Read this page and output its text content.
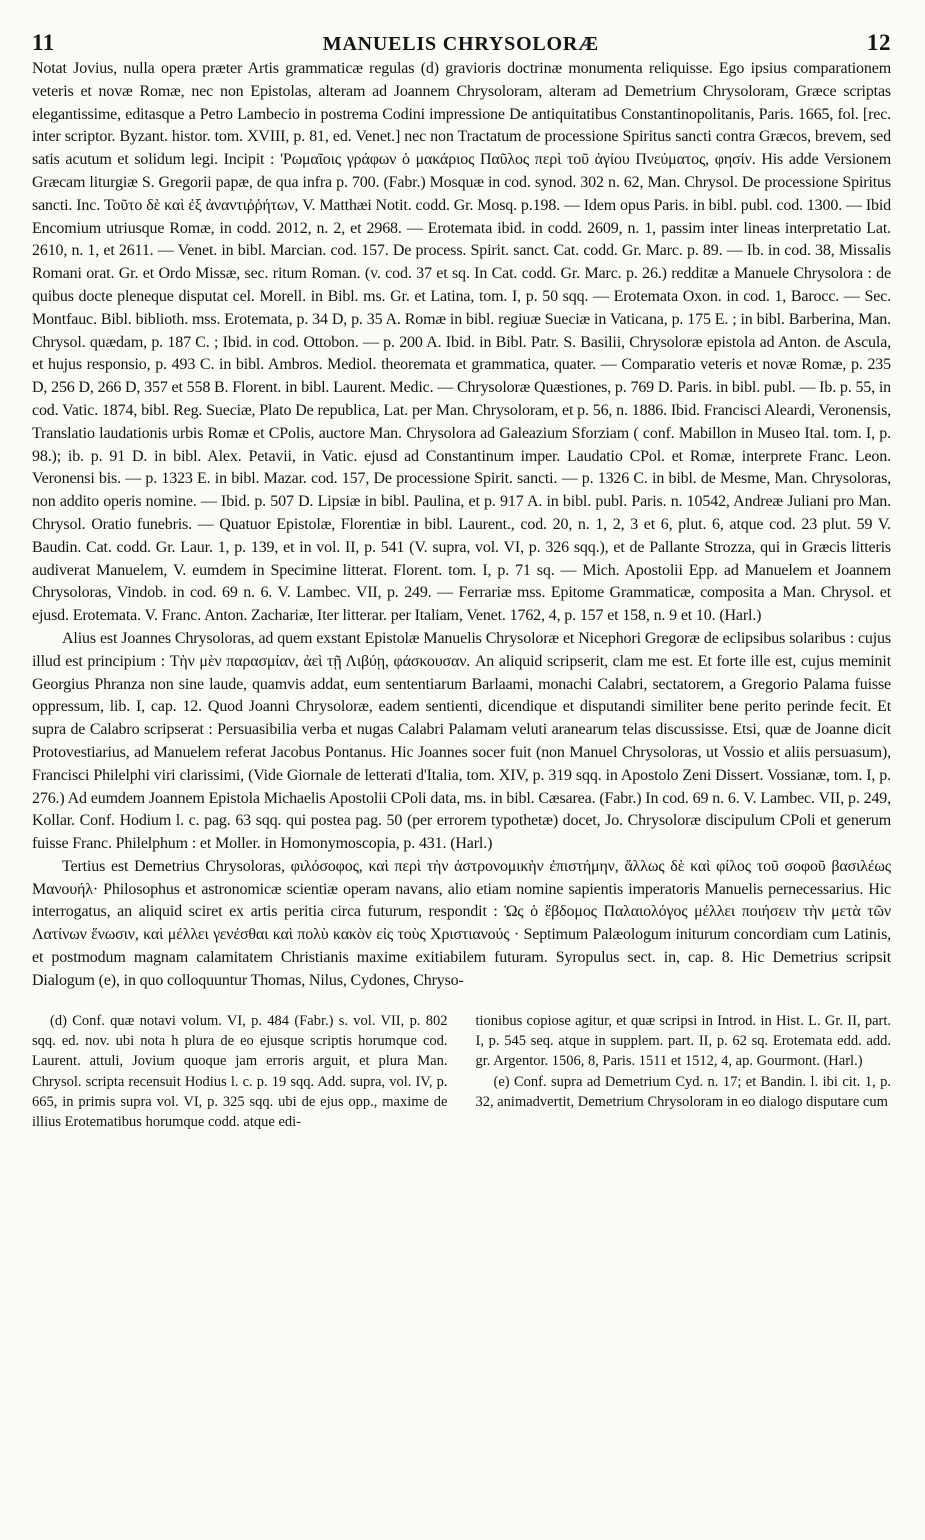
11	MANUELIS CHRYSOLORÆ	12

Notat Jovius, nulla opera præter Artis grammaticæ regulas (d) gravioris doctrinæ monumenta reliquisse. Ego ipsius comparationem veteris et novæ Romæ, nec non Epistolas, alteram ad Joannem Chrysoloram, alteram ad Demetrium Chrysoloram, Græce scriptas elegantissime, editasque a Petro Lambecio in postrema Codini impressione De antiquitatibus Constantinopolitanis, Paris. 1665, fol. [rec. inter scriptor. Byzant. histor. tom. XVIII, p. 81, ed. Venet.] nec non Tractatum de processione Spiritus sancti contra Græcos, brevem, sed satis acutum et solidum legi. Incipit : 'Ρωμαῖοις γράφων ὁ μακάριος Παῦλος περὶ τοῦ ἁγίου Πνεύματος, φησίν. His adde Versionem Græcam liturgiæ S. Gregorii papæ, de qua infra p. 700. (Fabr.) Mosquæ in cod. synod. 302 n. 62, Man. Chrysol. De processione Spiritus sancti. Inc. Τοῦτο δὲ καὶ ἐξ ἀναντιῤῥήτων, V. Matthæi Notit. codd. Gr. Mosq. p.198. — Idem opus Paris. in bibl. publ. cod. 1300. — Ibid Encomium utriusque Romæ, in codd. 2012, n. 2, et 2968. — Erotemata ibid. in codd. 2609, n. 1, passim inter lineas interpretatio Lat. 2610, n. 1, et 2611. — Venet. in bibl. Marcian. cod. 157. De process. Spirit. sanct. Cat. codd. Gr. Marc. p. 89. — Ib. in cod. 38, Missalis Romani orat. Gr. et Ordo Missæ, sec. ritum Roman. (v. cod. 37 et sq. In Cat. codd. Gr. Marc. p. 26.) redditæ a Manuele Chrysolora : de quibus docte pleneque disputat cel. Morell. in Bibl. ms. Gr. et Latina, tom. I, p. 50 sqq. — Erotemata Oxon. in cod. 1, Barocc. — Sec. Montfauc. Bibl. biblioth. mss. Erotemata, p. 34 D, p. 35 A. Romæ in bibl. regiuæ Sueciæ in Vaticana, p. 175 E. ; in bibl. Barberina, Man. Chrysol. quædam, p. 187 C. ; Ibid. in cod. Ottobon. — p. 200 A. Ibid. in Bibl. Patr. S. Basilii, Chrysoloræ epistola ad Anton. de Ascula, et hujus responsio, p. 493 C. in bibl. Ambros. Mediol. theoremata et grammatica, quater. — Comparatio veteris et novæ Romæ, p. 235 D, 256 D, 266 D, 357 et 558 B. Florent. in bibl. Laurent. Medic. — Chrysoloræ Quæstiones, p. 769 D. Paris. in bibl. publ. — Ib. p. 55, in cod. Vatic. 1874, bibl. Reg. Sueciæ, Plato De republica, Lat. per Man. Chrysoloram, et p. 56, n. 1886. Ibid. Francisci Aleardi, Veronensis, Translatio laudationis urbis Romæ et CPolis, auctore Man. Chrysolora ad Galeazium Sforziam ( conf. Mabillon in Museo Ital. tom. I, p. 98.); ib. p. 91 D. in bibl. Alex. Petavii, in Vatic. ejusd ad Constantinum imper. Laudatio CPol. et Romæ, interprete Franc. Leon. Veronensi bis. — p. 1323 E. in bibl. Mazar. cod. 157, De processione Spirit. sancti. — p. 1326 C. in bibl. de Mesme, Man. Chrysoloras, non addito operis nomine. — Ibid. p. 507 D. Lipsiæ in bibl. Paulina, et p. 917 A. in bibl. publ. Paris. n. 10542, Andreæ Juliani pro Man. Chrysol. Oratio funebris. — Quatuor Epistolæ, Florentiæ in bibl. Laurent., cod. 20, n. 1, 2, 3 et 6, plut. 6, atque cod. 23 plut. 59 V. Baudin. Cat. codd. Gr. Laur. 1, p. 139, et in vol. II, p. 541 (V. supra, vol. VI, p. 326 sqq.), et de Pallante Strozza, qui in Græcis litteris audiverat Manuelem, V. eumdem in Specimine litterat. Florent. tom. I, p. 71 sq. — Mich. Apostolii Epp. ad Manuelem et Joannem Chrysoloras, Vindob. in cod. 69 n. 6. V. Lambec. VII, p. 249. — Ferrariæ mss. Epitome Grammaticæ, composita a Man. Chrysol. et ejusd. Erotemata. V. Franc. Anton. Zachariæ, Iter litterar. per Italiam, Venet. 1762, 4, p. 157 et 158, n. 9 et 10. (Harl.)

Alius est Joannes Chrysoloras, ad quem exstant Epistolæ Manuelis Chrysoloræ et Nicephori Gregoræ de eclipsibus solaribus : cujus illud est principium : Τὴν μὲν παρασμίαν, ἀεὶ τῇ Λιβύῃ, φάσκουσαν. An aliquid scripserit, clam me est. Et forte ille est, cujus meminit Georgius Phranza non sine laude, quamvis addat, eum sententiarum Barlaami, monachi Calabri, sectatorem, a Gregorio Palama fuisse oppressum, lib. I, cap. 12. Quod Joanni Chrysoloræ, eadem sentienti, dicendique et disputandi similiter bene perito perinde fecit. Et supra de Calabro scripserat : Persuasibilia verba et nugas Calabri Palamam veluti aranearum telas discussisse. Etsi, quæ de Joanne dicit Protovestiarius, ad Manuelem referat Jacobus Pontanus. Hic Joannes socer fuit (non Manuel Chrysoloras, ut Vossio et aliis persuasum), Francisci Philelphi viri clarissimi, (Vide Giornale de letterati d'Italia, tom. XIV, p. 319 sqq. in Apostolo Zeni Dissert. Vossianæ, tom. I, p. 276.) Ad eumdem Joannem Epistola Michaelis Apostolii CPoli data, ms. in bibl. Cæsarea. (Fabr.) In cod. 69 n. 6. V. Lambec. VII, p. 249, Kollar. Conf. Hodium l. c. pag. 63 sqq. qui postea pag. 50 (per errorem typothetæ) docet, Jo. Chrysoloræ discipulum CPoli et generum fuisse Franc. Philelphum : et Moller. in Homonymoscopia, p. 431. (Harl.)

Tertius est Demetrius Chrysoloras, φιλόσοφος, καὶ περὶ τὴν ἀστρονομικὴν ἐπιστήμην, ἄλλως δὲ καὶ φίλος τοῦ σοφοῦ βασιλέως Μανουήλ· Philosophus et astronomicæ scientiæ operam navans, alio etiam nomine sapientis imperatoris Manuelis pernecessarius. Hic interrogatus, an aliquid sciret ex artis peritia circa futurum, respondit : Ὡς ὁ ἕβδομος Παλαιολόγος μέλλει ποιήσειν τὴν μετὰ τῶν Λατίνων ἕνωσιν, καὶ μέλλει γενέσθαι καὶ πολὺ κακὸν εἰς τοὺς Χριστιανούς · Septimum Palæologum initurum concordiam cum Latinis, et postmodum magnam calamitatem Christianis maxime exitiabilem futuram. Syropulus sect. in, cap. 8. Hic Demetrius scripsit Dialogum (e), in quo colloquuntur Thomas, Nilus, Cydones, Chryso-

(d) Conf. quæ notavi volum. VI, p. 484 (Fabr.) s. vol. VII, p. 802 sqq. ed. nov. ubi nota h plura de eo ejusque scriptis horumque cod. Laurent. attuli, Jovium quoque jam erroris arguit, et plura Man. Chrysol. scripta recensuit Hodius l. c. p. 19 sqq. Add. supra, vol. IV, p. 665, in primis supra vol. VI, p. 325 sqq. ubi de ejus opp., maxime de illius Erotematibus horumque codd. atque edi-

tionibus copiose agitur, et quæ scripsi in Introd. in Hist. L. Gr. II, part. I, p. 545 seq. atque in supplem. part. II, p. 62 sq. Erotemata edd. add. gr. Argentor. 1506, 8, Paris. 1511 et 1512, 4, ap. Gourmont. (Harl.)

(e) Conf. supra ad Demetrium Cyd. n. 17; et Bandin. l. ibi cit. 1, p. 32, animadvertit, Demetrium Chrysoloram in eo dialogo disputare cum
